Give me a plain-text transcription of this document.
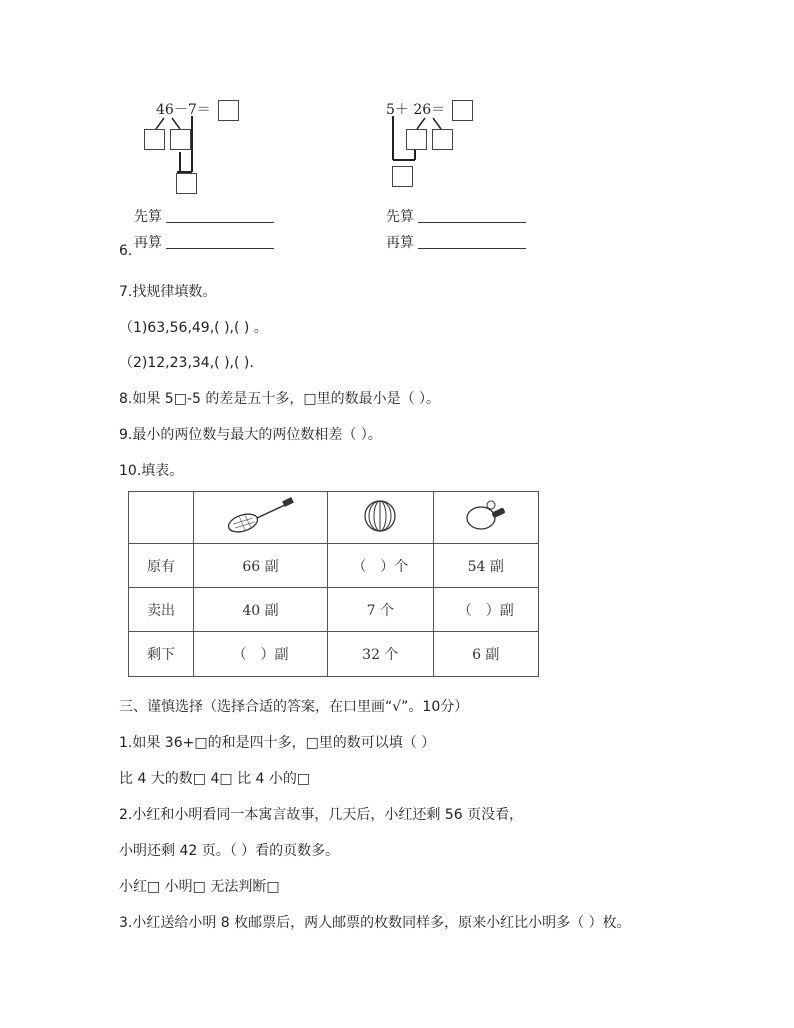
46－7＝
先算
再算
5＋ 26＝
先算
再算
6.
7.找规律填数。
（1)63,56,49,( ),( ) 。
（2)12,23,34,( ),( ).
8.如果 5□-5 的差是五十多，□里的数最小是（ ）。
9.最小的两位数与最大的两位数相差（ ）。
10.填表。

原有	66 副	（　）个	54 副
卖出	40 副	7 个	（　）副
剩下	（　）副	32 个	6 副
三、谨慎选择（选择合适的答案，在口里画“√”。10分）
1.如果 36+□的和是四十多，□里的数可以填（ ）
比 4 大的数□ 4□ 比 4 小的□
2.小红和小明看同一本寓言故事，几天后，小红还剩 56 页没看，
小明还剩 42 页。（ ）看的页数多。
小红□ 小明□ 无法判断□
3.小红送给小明 8 枚邮票后，两人邮票的枚数同样多，原来小红比小明多（ ）枚。
